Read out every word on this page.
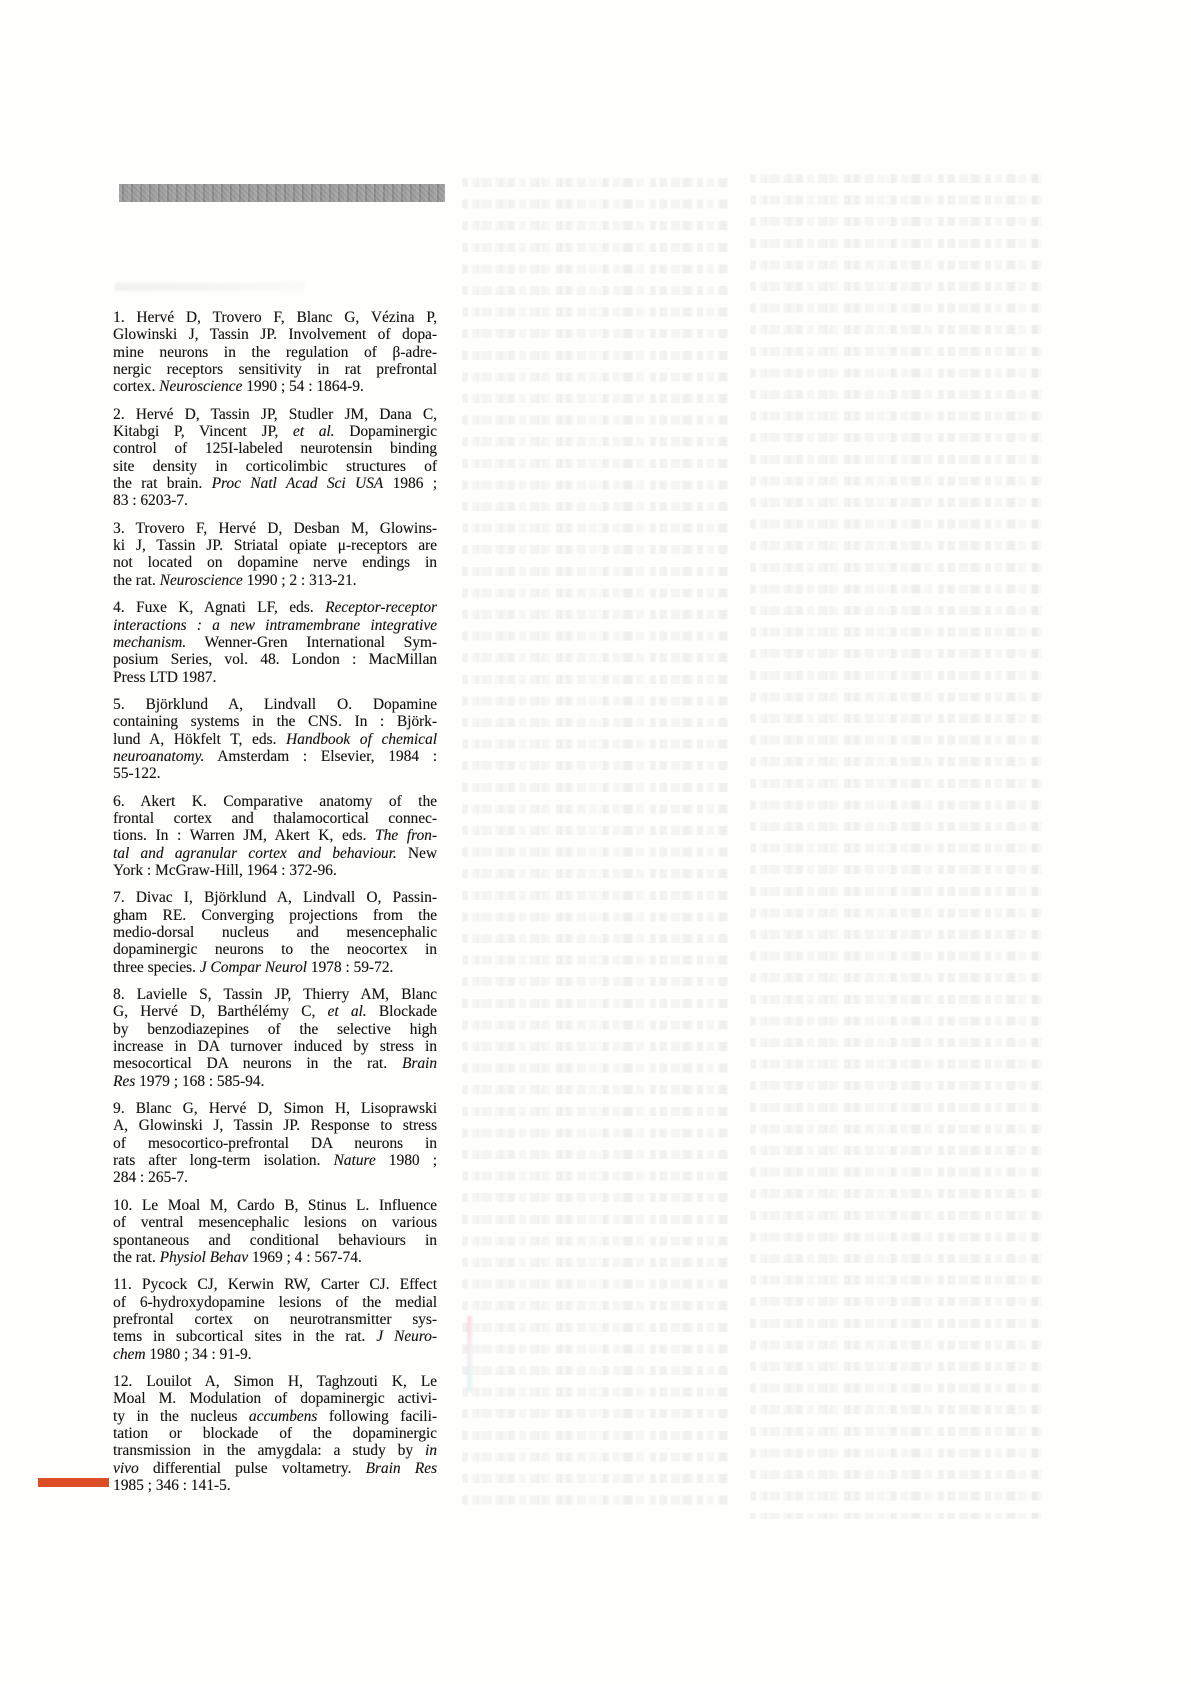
1. Hervé D, Trovero F, Blanc G, Vézina P,
Glowinski J, Tassin JP. Involvement of dopa-
mine neurons in the regulation of β-adre-
nergic receptors sensitivity in rat prefrontal
cortex. Neuroscience 1990 ; 54 : 1864-9.
2. Hervé D, Tassin JP, Studler JM, Dana C,
Kitabgi P, Vincent JP, et al. Dopaminergic
control of 125I-labeled neurotensin binding
site density in corticolimbic structures of
the rat brain. Proc Natl Acad Sci USA 1986 ;
83 : 6203-7.
3. Trovero F, Hervé D, Desban M, Glowins-
ki J, Tassin JP. Striatal opiate μ-receptors are
not located on dopamine nerve endings in
the rat. Neuroscience 1990 ; 2 : 313-21.
4. Fuxe K, Agnati LF, eds. Receptor-receptor
interactions : a new intramembrane integrative
mechanism. Wenner-Gren International Sym-
posium Series, vol. 48. London : MacMillan
Press LTD 1987.
5. Björklund A, Lindvall O. Dopamine
containing systems in the CNS. In : Björk-
lund A, Hökfelt T, eds. Handbook of chemical
neuroanatomy. Amsterdam : Elsevier, 1984 :
55-122.
6. Akert K. Comparative anatomy of the
frontal cortex and thalamocortical connec-
tions. In : Warren JM, Akert K, eds. The fron-
tal and agranular cortex and behaviour. New
York : McGraw-Hill, 1964 : 372-96.
7. Divac I, Björklund A, Lindvall O, Passin-
gham RE. Converging projections from the
medio-dorsal nucleus and mesencephalic
dopaminergic neurons to the neocortex in
three species. J Compar Neurol 1978 : 59-72.
8. Lavielle S, Tassin JP, Thierry AM, Blanc
G, Hervé D, Barthélémy C, et al. Blockade
by benzodiazepines of the selective high
increase in DA turnover induced by stress in
mesocortical DA neurons in the rat. Brain
Res 1979 ; 168 : 585-94.
9. Blanc G, Hervé D, Simon H, Lisoprawski
A, Glowinski J, Tassin JP. Response to stress
of mesocortico-prefrontal DA neurons in
rats after long-term isolation. Nature 1980 ;
284 : 265-7.
10. Le Moal M, Cardo B, Stinus L. Influence
of ventral mesencephalic lesions on various
spontaneous and conditional behaviours in
the rat. Physiol Behav 1969 ; 4 : 567-74.
11. Pycock CJ, Kerwin RW, Carter CJ. Effect
of 6-hydroxydopamine lesions of the medial
prefrontal cortex on neurotransmitter sys-
tems in subcortical sites in the rat. J Neuro-
chem 1980 ; 34 : 91-9.
12. Louilot A, Simon H, Taghzouti K, Le
Moal M. Modulation of dopaminergic activi-
ty in the nucleus accumbens following facili-
tation or blockade of the dopaminergic
transmission in the amygdala: a study by in
vivo differential pulse voltametry. Brain Res
1985 ; 346 : 141-5.
